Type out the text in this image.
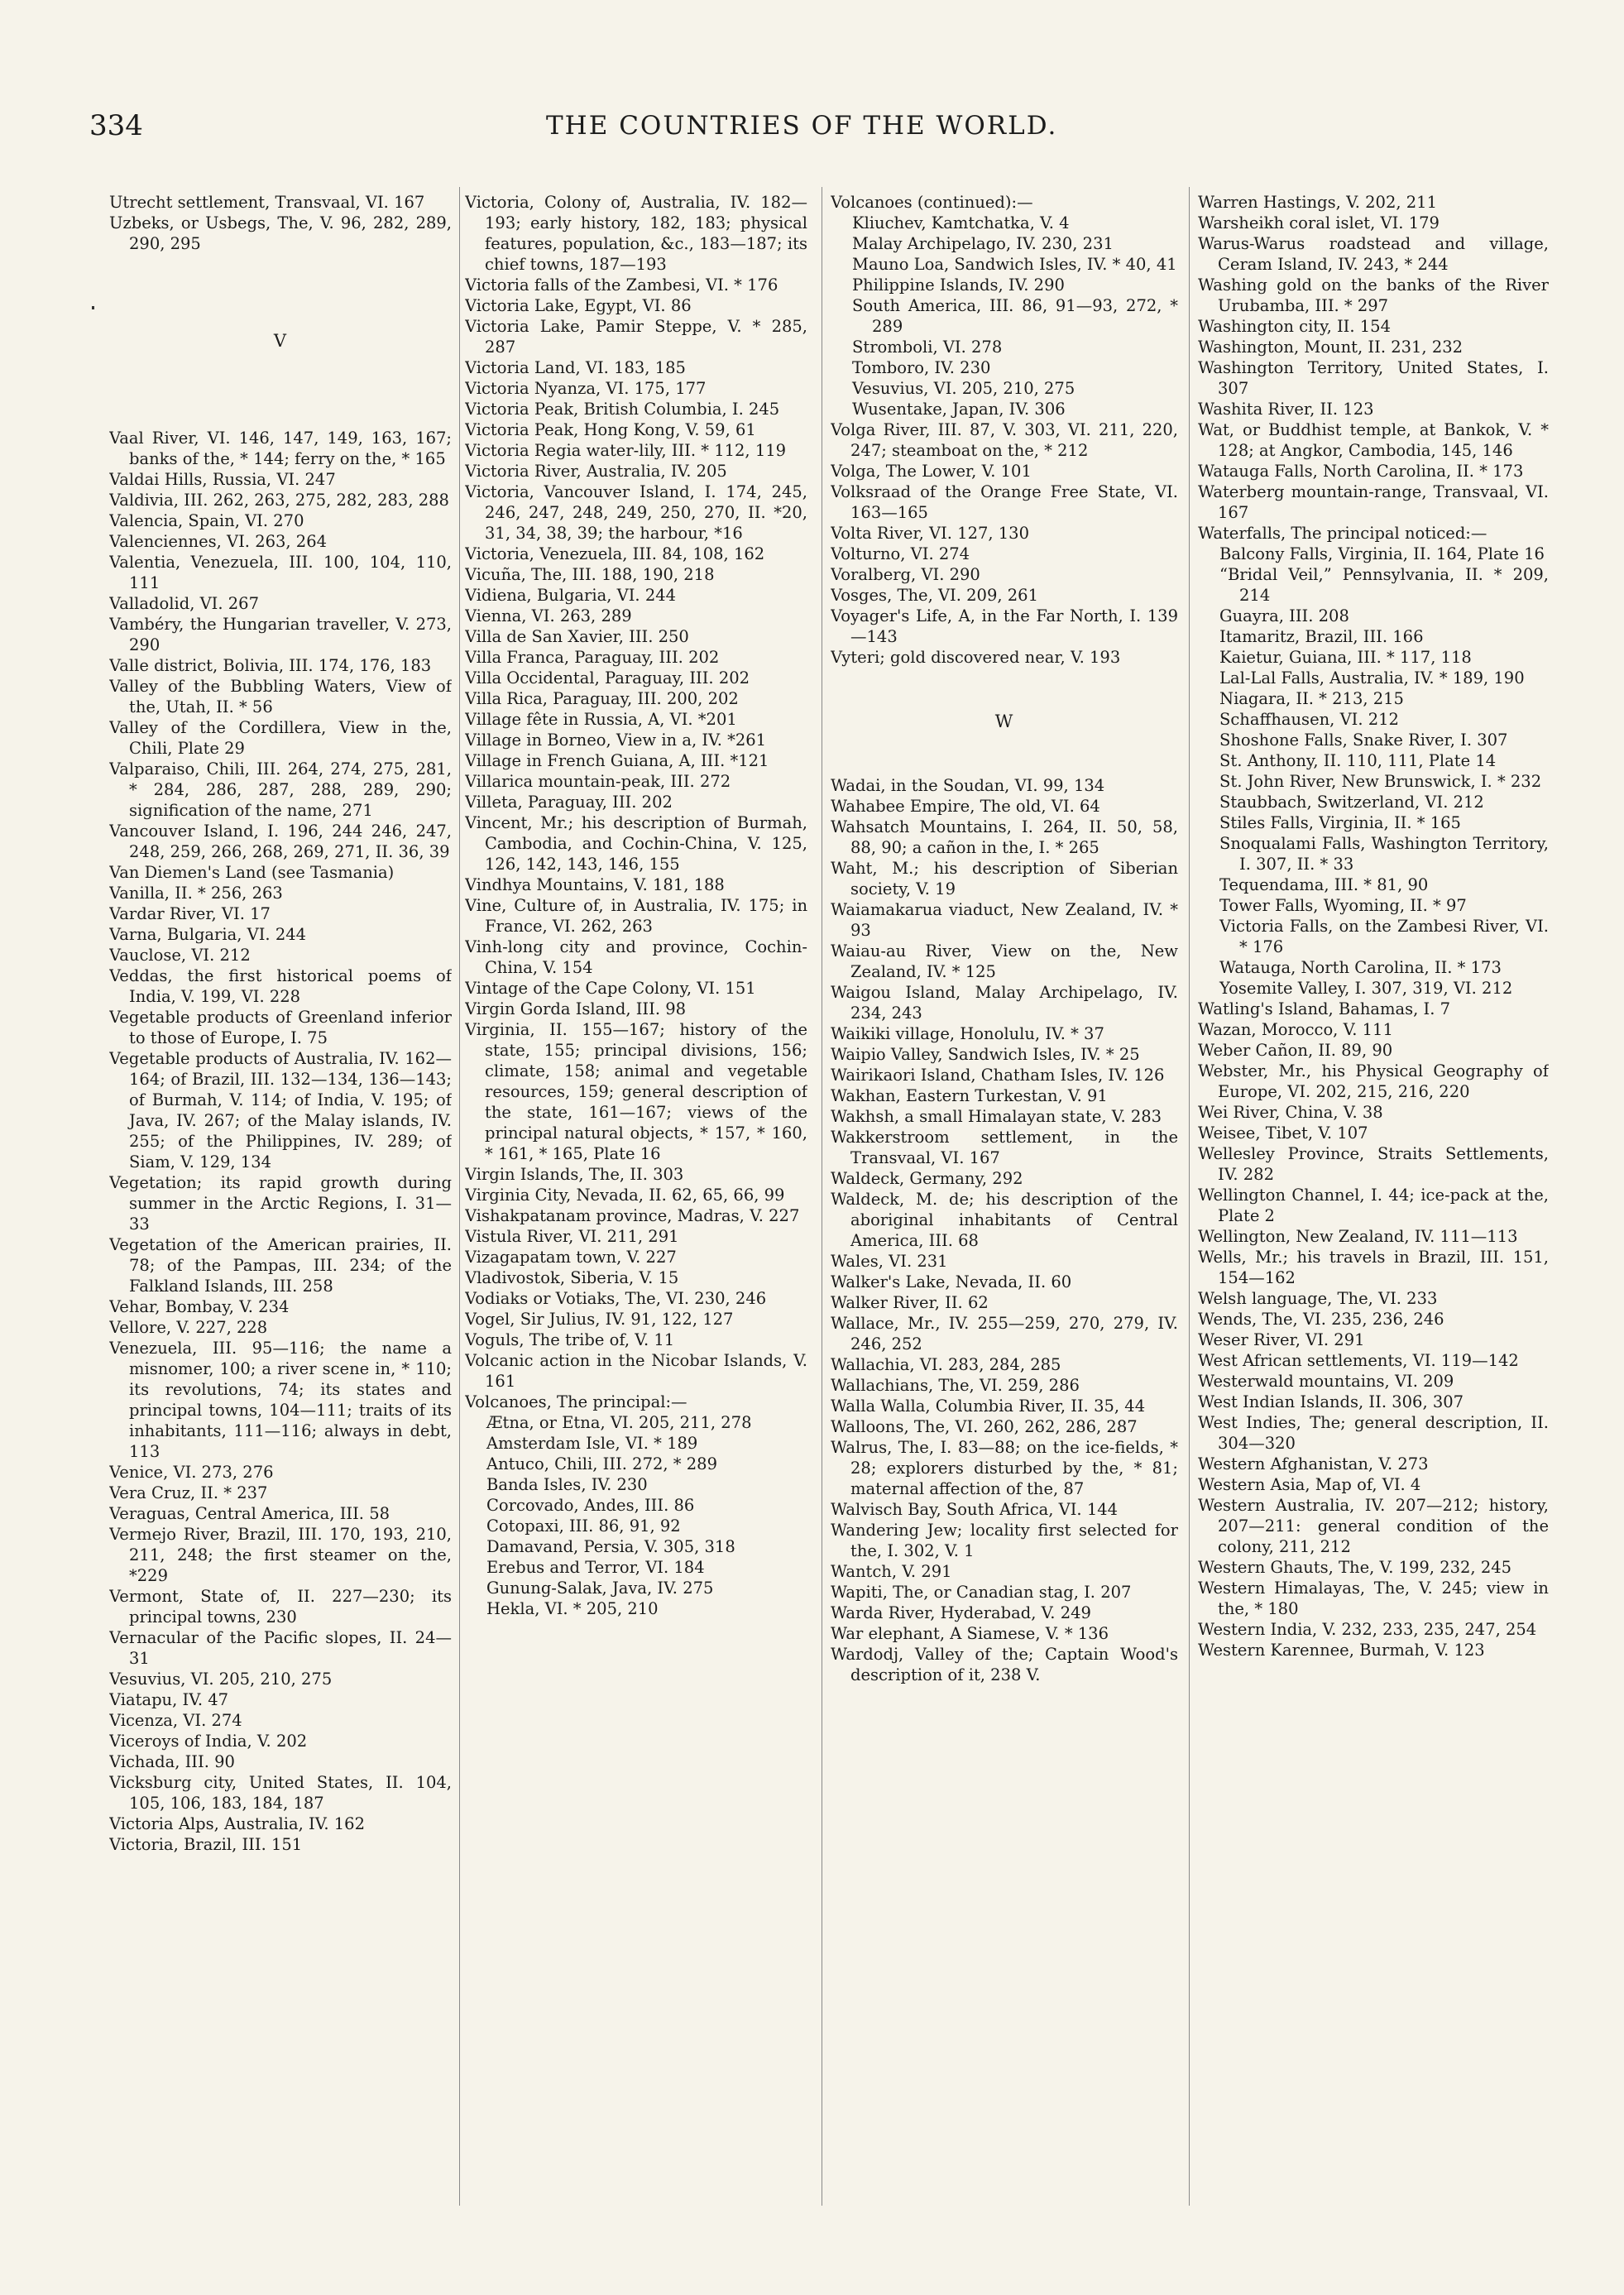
334	THE COUNTRIES OF THE WORLD.

Utrecht settlement, Transvaal, VI. 167

Uzbeks, or Usbegs, The, V. 96, 282, 289, 290, 295

V

Vaal River, VI. 146, 147, 149, 163, 167; banks of the, * 144; ferry on the, * 165

Valdai Hills, Russia, VI. 247

Valdivia, III. 262, 263, 275, 282, 283, 288

Valencia, Spain, VI. 270

Valenciennes, VI. 263, 264

Valentia, Venezuela, III. 100, 104, 110, 111

Valladolid, VI. 267

Vambéry, the Hungarian traveller, V. 273, 290

Valle district, Bolivia, III. 174, 176, 183

Valley of the Bubbling Waters, View of the, Utah, II. * 56

Valley of the Cordillera, View in the, Chili, Plate 29

Valparaiso, Chili, III. 264, 274, 275, 281, * 284, 286, 287, 288, 289, 290; signification of the name, 271

Vancouver Island, I. 196, 244 246, 247, 248, 259, 266, 268, 269, 271, II. 36, 39

Van Diemen's Land (see Tasmania)

Vanilla, II. * 256, 263

Vardar River, VI. 17

Varna, Bulgaria, VI. 244

Vauclose, VI. 212

Veddas, the first historical poems of India, V. 199, VI. 228

Vegetable products of Greenland inferior to those of Europe, I. 75

Vegetable products of Australia, IV. 162—164; of Brazil, III. 132—134, 136—143; of Burmah, V. 114; of India, V. 195; of Java, IV. 267; of the Malay islands, IV. 255; of the Philippines, IV. 289; of Siam, V. 129, 134

Vegetation; its rapid growth during summer in the Arctic Regions, I. 31—33

Vegetation of the American prairies, II. 78; of the Pampas, III. 234; of the Falkland Islands, III. 258

Vehar, Bombay, V. 234

Vellore, V. 227, 228

Venezuela, III. 95—116; the name a misnomer, 100; a river scene in, * 110; its revolutions, 74; its states and principal towns, 104—111; traits of its inhabitants, 111—116; always in debt, 113

Venice, VI. 273, 276

Vera Cruz, II. * 237

Veraguas, Central America, III. 58

Vermejo River, Brazil, III. 170, 193, 210, 211, 248; the first steamer on the, *229

Vermont, State of, II. 227—230; its principal towns, 230

Vernacular of the Pacific slopes, II. 24—31

Vesuvius, VI. 205, 210, 275

Viatapu, IV. 47

Vicenza, VI. 274

Viceroys of India, V. 202

Vichada, III. 90

Vicksburg city, United States, II. 104, 105, 106, 183, 184, 187

Victoria Alps, Australia, IV. 162

Victoria, Brazil, III. 151

Victoria, Colony of, Australia, IV. 182—193; early history, 182, 183; physical features, population, &c., 183—187; its chief towns, 187—193

Victoria falls of the Zambesi, VI. * 176

Victoria Lake, Egypt, VI. 86

Victoria Lake, Pamir Steppe, V. * 285, 287

Victoria Land, VI. 183, 185

Victoria Nyanza, VI. 175, 177

Victoria Peak, British Columbia, I. 245

Victoria Peak, Hong Kong, V. 59, 61

Victoria Regia water-lily, III. * 112, 119

Victoria River, Australia, IV. 205

Victoria, Vancouver Island, I. 174, 245, 246, 247, 248, 249, 250, 270, II. *20, 31, 34, 38, 39; the harbour, *16

Victoria, Venezuela, III. 84, 108, 162

Vicuña, The, III. 188, 190, 218

Vidiena, Bulgaria, VI. 244

Vienna, VI. 263, 289

Villa de San Xavier, III. 250

Villa Franca, Paraguay, III. 202

Villa Occidental, Paraguay, III. 202

Villa Rica, Paraguay, III. 200, 202

Village fête in Russia, A, VI. *201

Village in Borneo, View in a, IV. *261

Village in French Guiana, A, III. *121

Villarica mountain-peak, III. 272

Villeta, Paraguay, III. 202

Vincent, Mr.; his description of Burmah, Cambodia, and Cochin-China, V. 125, 126, 142, 143, 146, 155

Vindhya Mountains, V. 181, 188

Vine, Culture of, in Australia, IV. 175; in France, VI. 262, 263

Vinh-long city and province, Cochin-China, V. 154

Vintage of the Cape Colony, VI. 151

Virgin Gorda Island, III. 98

Virginia, II. 155—167; history of the state, 155; principal divisions, 156; climate, 158; animal and vegetable resources, 159; general description of the state, 161—167; views of the principal natural objects, * 157, * 160, * 161, * 165, Plate 16

Virgin Islands, The, II. 303

Virginia City, Nevada, II. 62, 65, 66, 99

Vishakpatanam province, Madras, V. 227

Vistula River, VI. 211, 291

Vizagapatam town, V. 227

Vladivostok, Siberia, V. 15

Vodiaks or Votiaks, The, VI. 230, 246

Vogel, Sir Julius, IV. 91, 122, 127

Voguls, The tribe of, V. 11

Volcanic action in the Nicobar Islands, V. 161

Volcanoes, The principal:—

Ætna, or Etna, VI. 205, 211, 278

Amsterdam Isle, VI. * 189

Antuco, Chili, III. 272, * 289

Banda Isles, IV. 230

Corcovado, Andes, III. 86

Cotopaxi, III. 86, 91, 92

Damavand, Persia, V. 305, 318

Erebus and Terror, VI. 184

Gunung-Salak, Java, IV. 275

Hekla, VI. * 205, 210

Volcanoes (continued):—

Kliuchev, Kamtchatka, V. 4

Malay Archipelago, IV. 230, 231

Mauno Loa, Sandwich Isles, IV. * 40, 41

Philippine Islands, IV. 290

South America, III. 86, 91—93, 272, * 289

Stromboli, VI. 278

Tomboro, IV. 230

Vesuvius, VI. 205, 210, 275

Wusentake, Japan, IV. 306

Volga River, III. 87, V. 303, VI. 211, 220, 247; steamboat on the, * 212

Volga, The Lower, V. 101

Volksraad of the Orange Free State, VI. 163—165

Volta River, VI. 127, 130

Volturno, VI. 274

Voralberg, VI. 290

Vosges, The, VI. 209, 261

Voyager's Life, A, in the Far North, I. 139—143

Vyteri; gold discovered near, V. 193

W

Wadai, in the Soudan, VI. 99, 134

Wahabee Empire, The old, VI. 64

Wahsatch Mountains, I. 264, II. 50, 58, 88, 90; a cañon in the, I. * 265

Waht, M.; his description of Siberian society, V. 19

Waiamakarua viaduct, New Zealand, IV. * 93

Waiau-au River, View on the, New Zealand, IV. * 125

Waigou Island, Malay Archipelago, IV. 234, 243

Waikiki village, Honolulu, IV. * 37

Waipio Valley, Sandwich Isles, IV. * 25

Wairikaori Island, Chatham Isles, IV. 126

Wakhan, Eastern Turkestan, V. 91

Wakhsh, a small Himalayan state, V. 283

Wakkerstroom settlement, in the Transvaal, VI. 167

Waldeck, Germany, 292

Waldeck, M. de; his description of the aboriginal inhabitants of Central America, III. 68

Wales, VI. 231

Walker's Lake, Nevada, II. 60

Walker River, II. 62

Wallace, Mr., IV. 255—259, 270, 279, IV. 246, 252

Wallachia, VI. 283, 284, 285

Wallachians, The, VI. 259, 286

Walla Walla, Columbia River, II. 35, 44

Walloons, The, VI. 260, 262, 286, 287

Walrus, The, I. 83—88; on the ice-fields, * 28; explorers disturbed by the, * 81; maternal affection of the, 87

Walvisch Bay, South Africa, VI. 144

Wandering Jew; locality first selected for the, I. 302, V. 1

Wantch, V. 291

Wapiti, The, or Canadian stag, I. 207

Warda River, Hyderabad, V. 249

War elephant, A Siamese, V. * 136

Wardodj, Valley of the; Captain Wood's description of it, 238 V.

Warren Hastings, V. 202, 211

Warsheikh coral islet, VI. 179

Warus-Warus roadstead and village, Ceram Island, IV. 243, * 244

Washing gold on the banks of the River Urubamba, III. * 297

Washington city, II. 154

Washington, Mount, II. 231, 232

Washington Territory, United States, I. 307

Washita River, II. 123

Wat, or Buddhist temple, at Bankok, V. * 128; at Angkor, Cambodia, 145, 146

Watauga Falls, North Carolina, II. * 173

Waterberg mountain-range, Transvaal, VI. 167

Waterfalls, The principal noticed:—

Balcony Falls, Virginia, II. 164, Plate 16

“Bridal Veil,” Pennsylvania, II. * 209, 214

Guayra, III. 208

Itamaritz, Brazil, III. 166

Kaietur, Guiana, III. * 117, 118

Lal-Lal Falls, Australia, IV. * 189, 190

Niagara, II. * 213, 215

Schaffhausen, VI. 212

Shoshone Falls, Snake River, I. 307

St. Anthony, II. 110, 111, Plate 14

St. John River, New Brunswick, I. * 232

Staubbach, Switzerland, VI. 212

Stiles Falls, Virginia, II. * 165

Snoqualami Falls, Washington Territory, I. 307, II. * 33

Tequendama, III. * 81, 90

Tower Falls, Wyoming, II. * 97

Victoria Falls, on the Zambesi River, VI. * 176

Watauga, North Carolina, II. * 173

Yosemite Valley, I. 307, 319, VI. 212

Watling's Island, Bahamas, I. 7

Wazan, Morocco, V. 111

Weber Cañon, II. 89, 90

Webster, Mr., his Physical Geography of Europe, VI. 202, 215, 216, 220

Wei River, China, V. 38

Weisee, Tibet, V. 107

Wellesley Province, Straits Settlements, IV. 282

Wellington Channel, I. 44; ice-pack at the, Plate 2

Wellington, New Zealand, IV. 111—113

Wells, Mr.; his travels in Brazil, III. 151, 154—162

Welsh language, The, VI. 233

Wends, The, VI. 235, 236, 246

Weser River, VI. 291

West African settlements, VI. 119—142

Westerwald mountains, VI. 209

West Indian Islands, II. 306, 307

West Indies, The; general description, II. 304—320

Western Afghanistan, V. 273

Western Asia, Map of, VI. 4

Western Australia, IV. 207—212; history, 207—211: general condition of the colony, 211, 212

Western Ghauts, The, V. 199, 232, 245

Western Himalayas, The, V. 245; view in the, * 180

Western India, V. 232, 233, 235, 247, 254

Western Karennee, Burmah, V. 123
